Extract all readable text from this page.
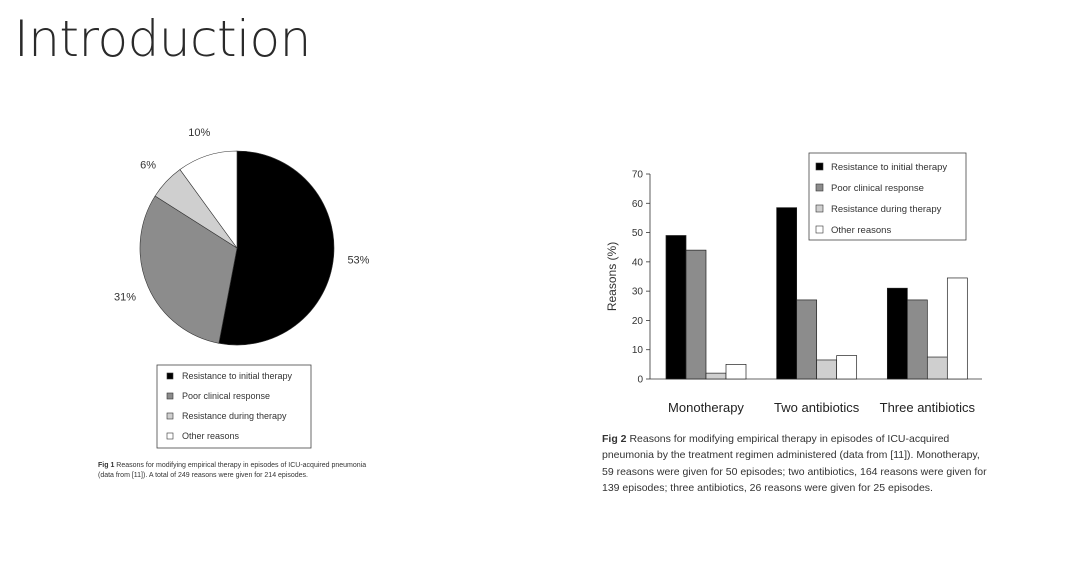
Introduction
53%
31%
6%
10%
Resistance to initial therapy
Poor clinical response
Resistance during therapy
Other reasons
Fig 1 Reasons for modifying empirical therapy in episodes of ICU-acquired pneumonia (data from [11]). A total of 249 reasons were given for 214 episodes.
0
10
20
30
40
50
60
70
Reasons (%)
Monotherapy Two antibiotics Three antibiotics
Resistance to initial therapy
Poor clinical response
Resistance during therapy
Other reasons
Fig 2 Reasons for modifying empirical therapy in episodes of ICU-acquired pneumonia by the treatment regimen administered (data from [11]). Monotherapy, 59 reasons were given for 50 episodes; two antibiotics, 164 reasons were given for 139 episodes; three antibiotics, 26 reasons were given for 25 episodes.
